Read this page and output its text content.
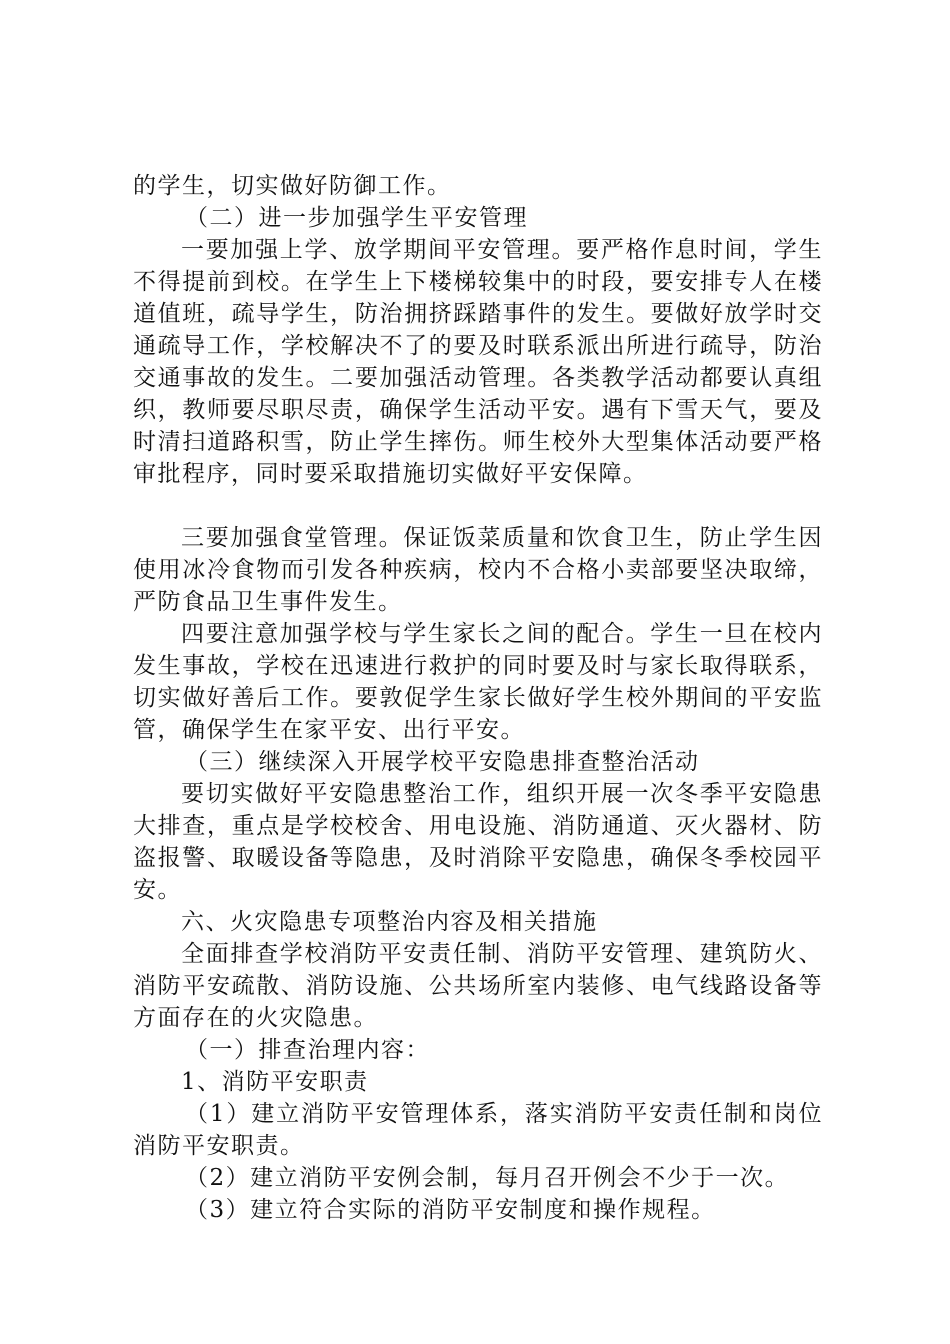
的学生，切实做好防御工作。

（二）进一步加强学生平安管理

一要加强上学、放学期间平安管理。要严格作息时间，学生不得提前到校。在学生上下楼梯较集中的时段，要安排专人在楼道值班，疏导学生，防治拥挤踩踏事件的发生。要做好放学时交通疏导工作，学校解决不了的要及时联系派出所进行疏导，防治交通事故的发生。二要加强活动管理。各类教学活动都要认真组织，教师要尽职尽责，确保学生活动平安。遇有下雪天气，要及时清扫道路积雪，防止学生摔伤。师生校外大型集体活动要严格审批程序，同时要采取措施切实做好平安保障。

三要加强食堂管理。保证饭菜质量和饮食卫生，防止学生因使用冰冷食物而引发各种疾病，校内不合格小卖部要坚决取缔，严防食品卫生事件发生。

四要注意加强学校与学生家长之间的配合。学生一旦在校内发生事故，学校在迅速进行救护的同时要及时与家长取得联系，切实做好善后工作。要敦促学生家长做好学生校外期间的平安监管，确保学生在家平安、出行平安。

（三）继续深入开展学校平安隐患排查整治活动

要切实做好平安隐患整治工作，组织开展一次冬季平安隐患大排查，重点是学校校舍、用电设施、消防通道、灭火器材、防盗报警、取暖设备等隐患，及时消除平安隐患，确保冬季校园平安。

六、火灾隐患专项整治内容及相关措施

全面排查学校消防平安责任制、消防平安管理、建筑防火、消防平安疏散、消防设施、公共场所室内装修、电气线路设备等方面存在的火灾隐患。

（一）排查治理内容：

1、消防平安职责

（1）建立消防平安管理体系，落实消防平安责任制和岗位消防平安职责。

（2）建立消防平安例会制，每月召开例会不少于一次。

（3）建立符合实际的消防平安制度和操作规程。
